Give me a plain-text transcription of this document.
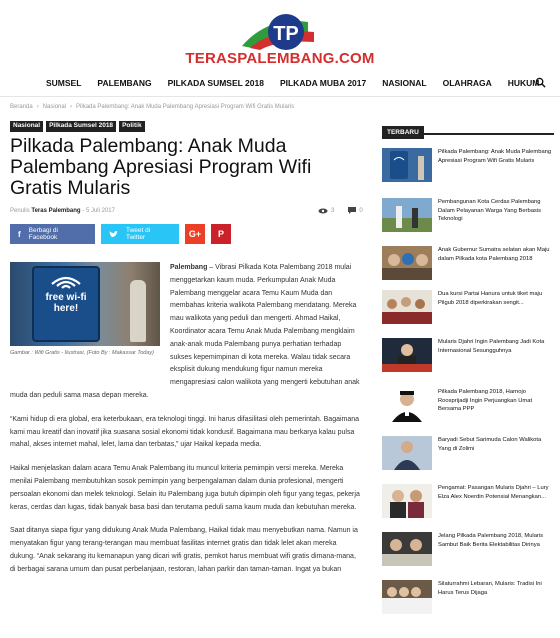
TP
TERASPALEMBANG.COM
SUMSEL PALEMBANG PILKADA SUMSEL 2018 PILKADA MUBA 2017 NASIONAL OLAHRAGA HUKUM
Beranda › Nasional › Pilkada Palembang: Anak Muda Palembang Apresiasi Program Wifi Gratis Mularis
Nasional	Pilkada Sumsel 2018	Politik
Pilkada Palembang: Anak Muda Palembang Apresiasi Program Wifi Gratis Mularis
Penulis Teras Palembang - 5 Juli 2017	3	0
f Berbagi di Facebook
Tweet di Twitter	G+ P
free wi-fi here!
Gambar : Wifi Gratis - Ilustrasi, (Foto By : Makassar Today)

Palembang – Vibrasi Pilkada Kota Palembang 2018 mulai menggetarkan kaum muda. Perkumpulan Anak Muda Palembang menggelar acara Temu Kaum Muda dan membahas kriteria walikota Palembang mendatang. Mereka mau walikota yang peduli dan mengerti. Ahmad Haikal, Koordinator acara Temu Anak Muda Palembang mengklaim anak-anak muda Palembang punya perhatian terhadap sukses kepemimpinan di kota mereka. Walau tidak secara eksplisit dukung mendukung figur namun mereka mengapresiasi calon walikota yang mengerti kebutuhan anak muda dan peduli sama masa depan mereka.

“Kami hidup di era global, era keterbukaan, era teknologi tinggi. Ini harus difasilitasi oleh pemerintah. Bagaimana kami mau kreatif dan inovatif jika suasana sosial ekonomi tidak kondusif. Bagaimana mau berkarya kalau pulsa mahal, akses internet mahal, lelet, lama dan terbatas,” ujar Haikal kepada media.

Haikal menjelaskan dalam acara Temu Anak Palembang itu muncul kriteria pemimpin versi mereka. Mereka menilai Palembang membutuhkan sosok pemimpin yang berpengalaman dalam dunia profesional, mengerti persoalan ekonomi dan melek teknologi. Selain itu Palembang juga butuh dipimpin oleh figur yang tegas, pekerja keras, cerdas dan lugas, tidak banyak basa basi dan terutama peduli sama kaum muda dan kebutuhan mereka.

Saat ditanya siapa figur yang didukung Anak Muda Palembang, Haikal tidak mau menyebutkan nama. Namun ia menyatakan figur yang terang-terangan mau membuat fasilitas internet gratis dan tidak lelet akan mereka dukung. “Anak sekarang itu kemanapun yang dicari wifi gratis, pemkot harus membuat wifi gratis dimana-mana, di berbagai sarana umum dan pusat perbelanjaan, restoran, lahan parkir dan taman-taman. Ingat ya bukan

TERBARU
Pilkada Palembang: Anak Muda Palembang Apresiasi Program Wifi Gratis Mularis
Pembangunan Kota Cerdas Palembang Dalam Pelayanan Warga Yang Berbasis Teknologi
Anak Gubernur Sumatra selatan akan Maju dalam Pilkada kota Palembang 2018
Dua kursi Partai Hanura untuk tiket maju Pilgub 2018 diperkirakan sengit...
Mularis Djahri Ingin Palembang Jadi Kota Internasional Sesungguhnya
Pilkada Palembang 2018, Harnojo Roosprijadji Ingin Perjuangkan Umat Bersama PPP
Baryadi Sebut Sarimuda Calon Walikota Yang di Zolimi
Pengamat: Pasangan Mularis Djahri – Lury Elza Alex Noerdin Potensial Menangkan...
Jelang Pilkada Palembang 2018, Mularis Sambut Baik Berita Elektabilitas Dirinya
Silaturrahmi Lebaran, Mularis: Tradisi Ini Harus Terus Dijaga
